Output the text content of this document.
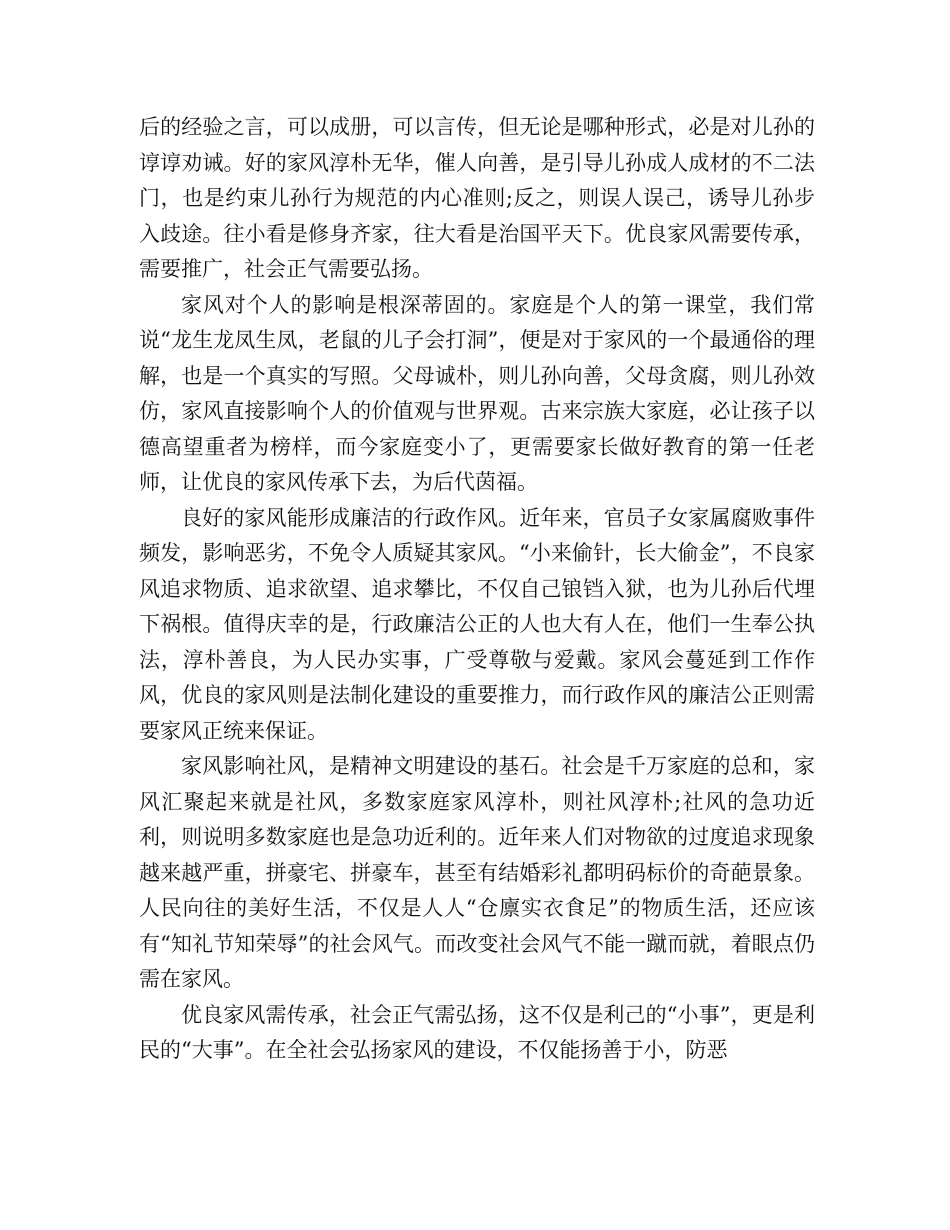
后的经验之言，可以成册，可以言传，但无论是哪种形式，必是对儿孙的谆谆劝诫。好的家风淳朴无华，催人向善，是引导儿孙成人成材的不二法门，也是约束儿孙行为规范的内心准则;反之，则误人误己，诱导儿孙步入歧途。往小看是修身齐家，往大看是治国平天下。优良家风需要传承，需要推广，社会正气需要弘扬。

家风对个人的影响是根深蒂固的。家庭是个人的第一课堂，我们常说“龙生龙凤生凤，老鼠的儿子会打洞”，便是对于家风的一个最通俗的理解，也是一个真实的写照。父母诚朴，则儿孙向善，父母贪腐，则儿孙效仿，家风直接影响个人的价值观与世界观。古来宗族大家庭，必让孩子以德高望重者为榜样，而今家庭变小了，更需要家长做好教育的第一任老师，让优良的家风传承下去，为后代茵福。

良好的家风能形成廉洁的行政作风。近年来，官员子女家属腐败事件频发，影响恶劣，不免令人质疑其家风。“小来偷针，长大偷金”，不良家风追求物质、追求欲望、追求攀比，不仅自己锒铛入狱，也为儿孙后代埋下祸根。值得庆幸的是，行政廉洁公正的人也大有人在，他们一生奉公执法，淳朴善良，为人民办实事，广受尊敬与爱戴。家风会蔓延到工作作风，优良的家风则是法制化建设的重要推力，而行政作风的廉洁公正则需要家风正统来保证。

家风影响社风，是精神文明建设的基石。社会是千万家庭的总和，家风汇聚起来就是社风，多数家庭家风淳朴，则社风淳朴;社风的急功近利，则说明多数家庭也是急功近利的。近年来人们对物欲的过度追求现象越来越严重，拼豪宅、拼豪车，甚至有结婚彩礼都明码标价的奇葩景象。人民向往的美好生活，不仅是人人“仓廪实衣食足”的物质生活，还应该有“知礼节知荣辱”的社会风气。而改变社会风气不能一蹴而就，着眼点仍需在家风。

优良家风需传承，社会正气需弘扬，这不仅是利己的“小事”，更是利民的“大事”。在全社会弘扬家风的建设，不仅能扬善于小，防恶
